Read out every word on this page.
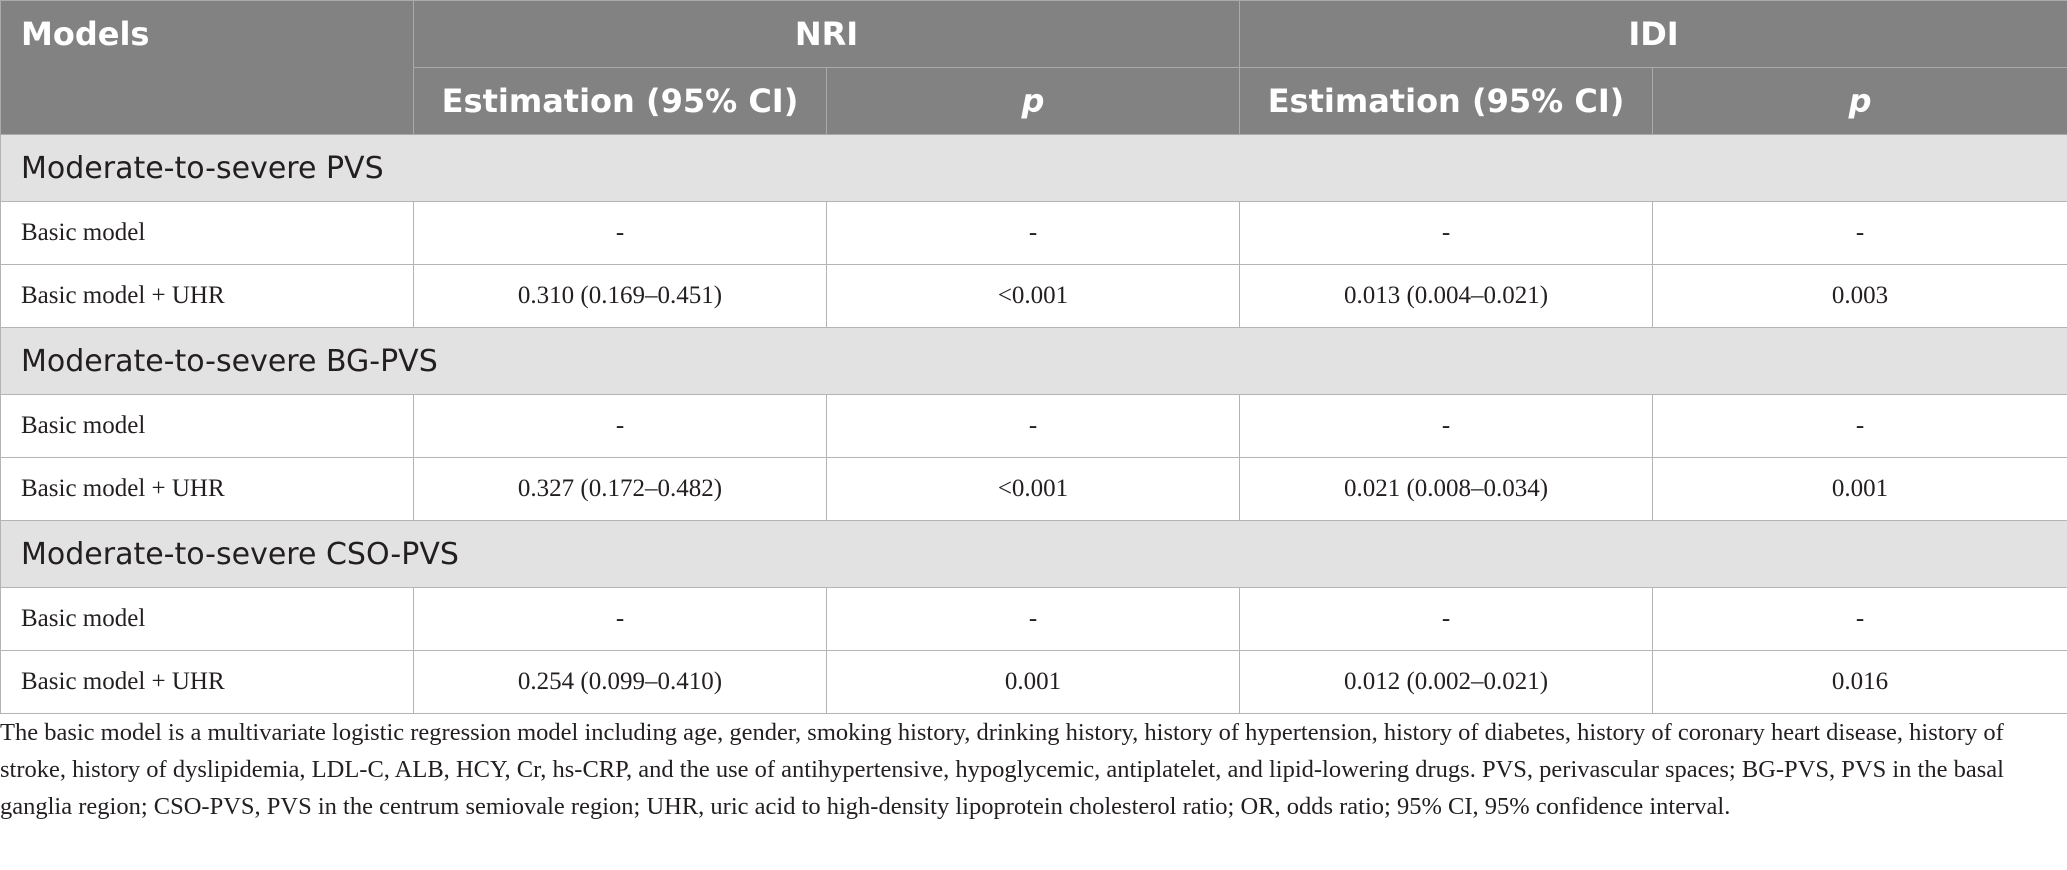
Models	NRI		IDI	
	Estimation (95% CI)	p	Estimation (95% CI)	p
Moderate-to-severe PVS				
Basic model	-	-	-	-
Basic model + UHR	0.310 (0.169–0.451)	<0.001	0.013 (0.004–0.021)	0.003
Moderate-to-severe BG-PVS				
Basic model	-	-	-	-
Basic model + UHR	0.327 (0.172–0.482)	<0.001	0.021 (0.008–0.034)	0.001
Moderate-to-severe CSO-PVS				
Basic model	-	-	-	-
Basic model + UHR	0.254 (0.099–0.410)	0.001	0.012 (0.002–0.021)	0.016

The basic model is a multivariate logistic regression model including age, gender, smoking history, drinking history, history of hypertension, history of diabetes, history of coronary heart disease, history of stroke, history of dyslipidemia, LDL-C, ALB, HCY, Cr, hs-CRP, and the use of antihypertensive, hypoglycemic, antiplatelet, and lipid-lowering drugs. PVS, perivascular spaces; BG-PVS, PVS in the basal ganglia region; CSO-PVS, PVS in the centrum semiovale region; UHR, uric acid to high-density lipoprotein cholesterol ratio; OR, odds ratio; 95% CI, 95% confidence interval.
